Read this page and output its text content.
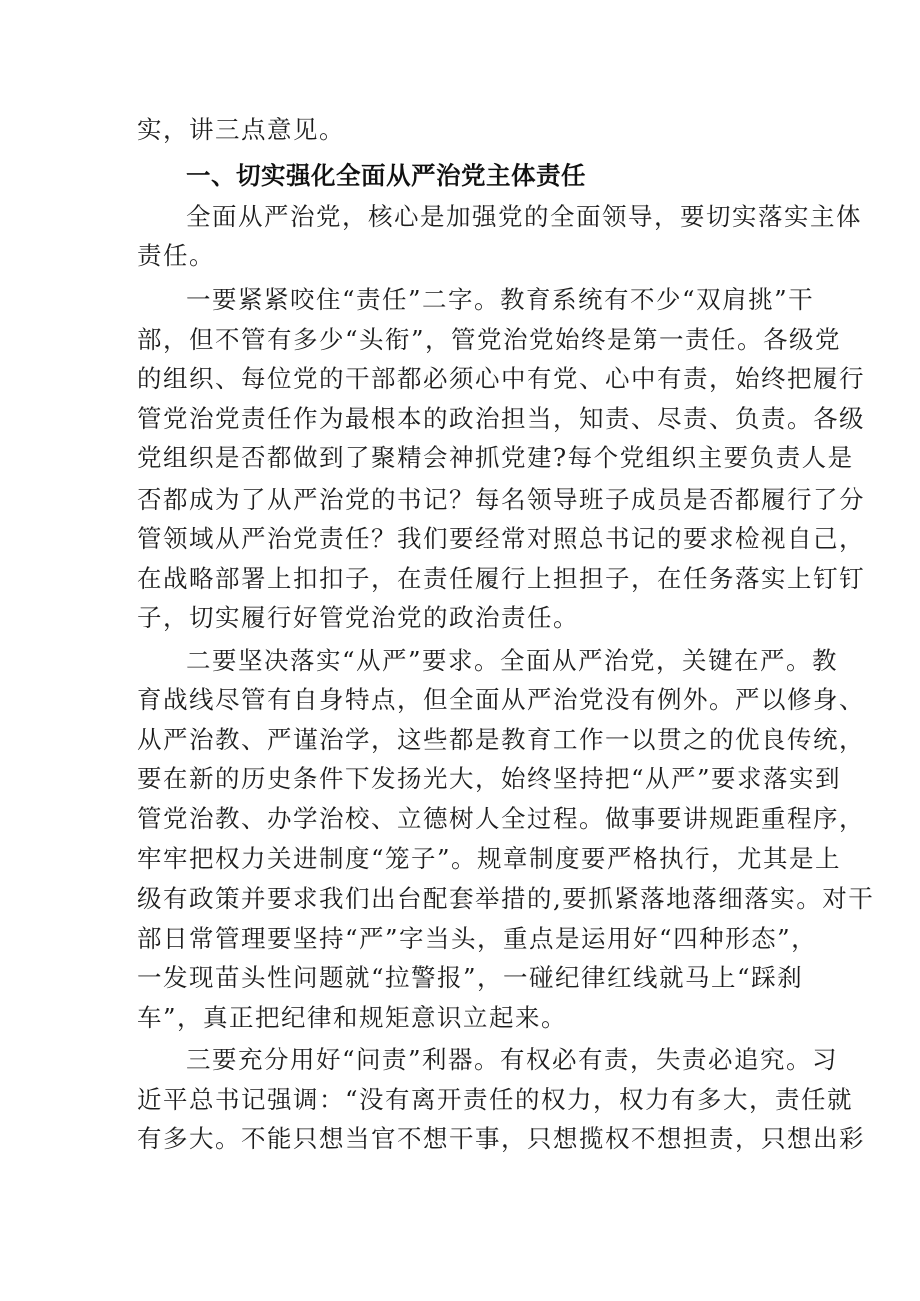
实，讲三点意见。
一、切实强化全面从严治党主体责任
全面从严治党，核心是加强党的全面领导，要切实落实主体
责任。
一要紧紧咬住“责任”二字。教育系统有不少“双肩挑”干
部，但不管有多少“头衔”，管党治党始终是第一责任。各级党
的组织、每位党的干部都必须心中有党、心中有责，始终把履行
管党治党责任作为最根本的政治担当，知责、尽责、负责。各级
党组织是否都做到了聚精会神抓党建?每个党组织主要负责人是
否都成为了从严治党的书记？每名领导班子成员是否都履行了分
管领域从严治党责任？我们要经常对照总书记的要求检视自己，
在战略部署上扣扣子，在责任履行上担担子，在任务落实上钉钉
子，切实履行好管党治党的政治责任。
二要坚决落实“从严”要求。全面从严治党，关键在严。教
育战线尽管有自身特点，但全面从严治党没有例外。严以修身、
从严治教、严谨治学，这些都是教育工作一以贯之的优良传统，
要在新的历史条件下发扬光大，始终坚持把“从严”要求落实到
管党治教、办学治校、立德树人全过程。做事要讲规距重程序，
牢牢把权力关进制度“笼子”。规章制度要严格执行，尤其是上
级有政策并要求我们出台配套举措的,要抓紧落地落细落实。对干
部日常管理要坚持“严”字当头，重点是运用好“四种形态”，
一发现苗头性问题就“拉警报”，一碰纪律红线就马上“踩刹
车”，真正把纪律和规矩意识立起来。
三要充分用好“问责”利器。有权必有责，失责必追究。习
近平总书记强调：“没有离开责任的权力，权力有多大，责任就
有多大。不能只想当官不想干事，只想揽权不想担责，只想出彩
